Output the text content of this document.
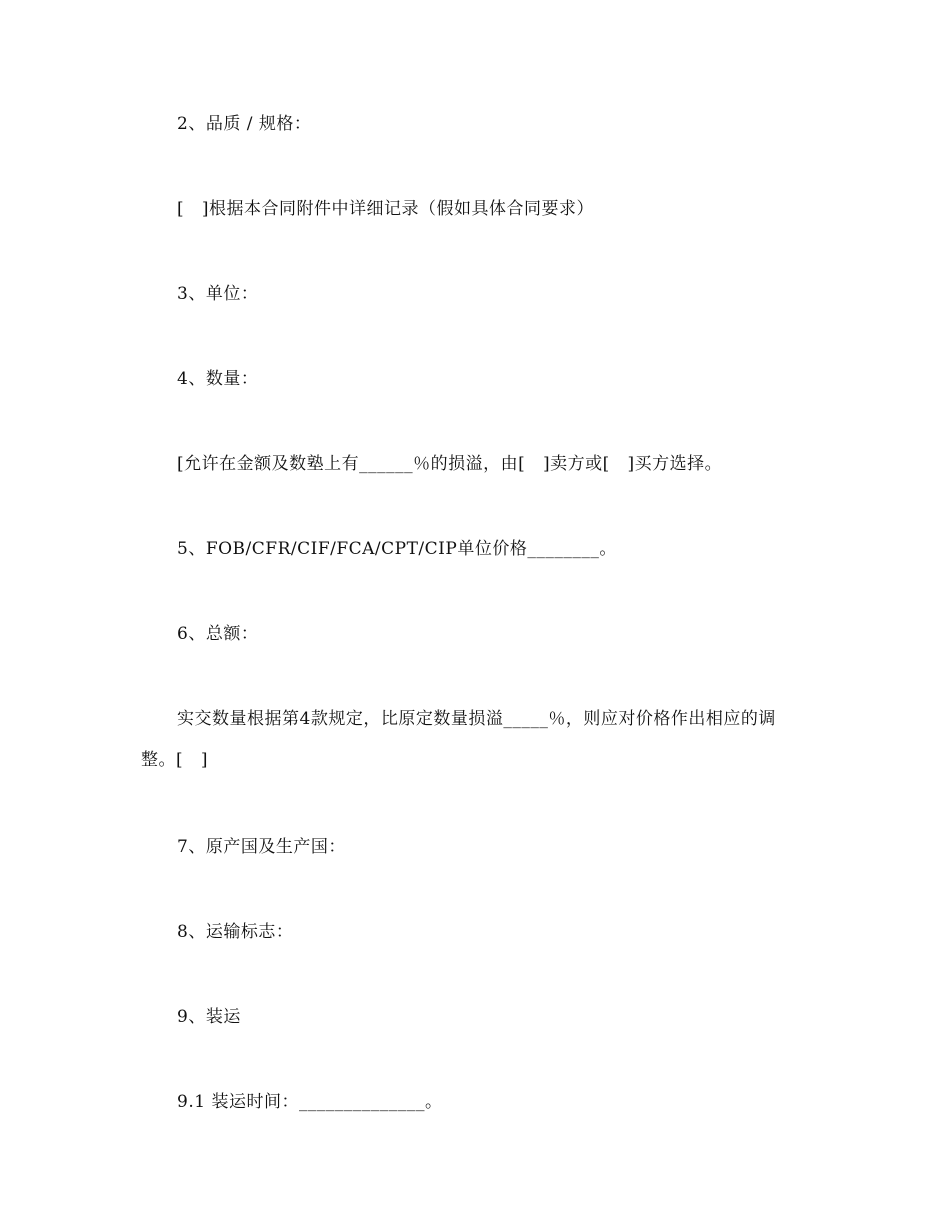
2、品质 / 规格：
[   ]根据本合同附件中详细记录（假如具体合同要求）
3、单位：
4、数量：
[允许在金额及数塾上有______％的损溢，由[   ]卖方或[   ]买方选择。
5、FOB/CFR/CIF/FCA/CPT/CIP单位价格________。
6、总额：
实交数量根据第4款规定，比原定数量损溢_____％，则应对价格作出相应的调
整。[   ]
7、原产国及生产国：
8、运输标志：
9、装运
9.1 装运时间：______________。
